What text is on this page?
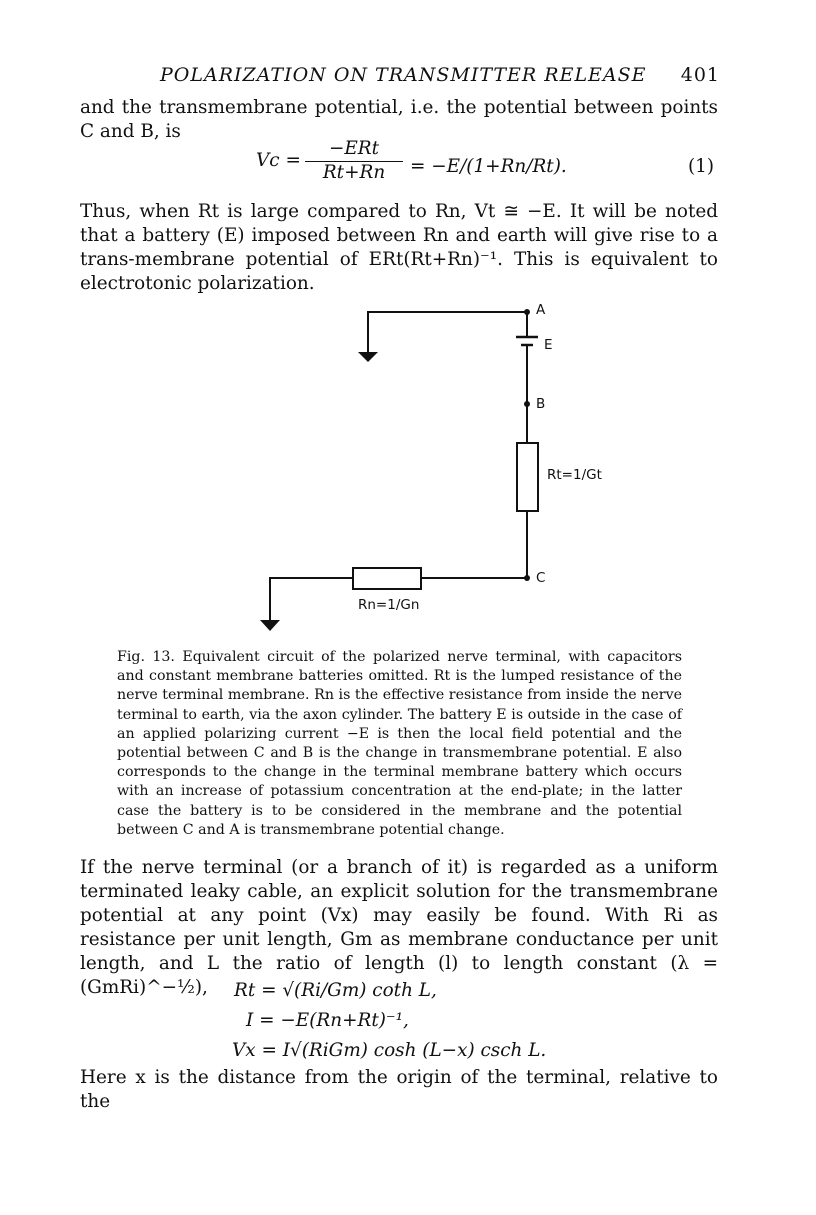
POLARIZATION ON TRANSMITTER RELEASE 401
and the transmembrane potential, i.e. the potential between points C and B, is
Vc =
−ERt
Rt+Rn	= −E/(1+Rn/Rt).	(1)
Thus, when Rt is large compared to Rn, Vt ≅ −E. It will be noted that a battery (E) imposed between Rn and earth will give rise to a trans-membrane potential of ERt(Rt+Rn)⁻¹. This is equivalent to electrotonic polarization.
A
E
B
Rt=1/Gt
C
Rn=1/Gn
Fig. 13. Equivalent circuit of the polarized nerve terminal, with capacitors and constant membrane batteries omitted. Rt is the lumped resistance of the nerve terminal membrane. Rn is the effective resistance from inside the nerve terminal to earth, via the axon cylinder. The battery E is outside in the case of an applied polarizing current −E is then the local field potential and the potential between C and B is the change in transmembrane potential. E also corresponds to the change in the terminal membrane battery which occurs with an increase of potassium concentration at the end-plate; in the latter case the battery is to be considered in the membrane and the potential between C and A is transmembrane potential change.
If the nerve terminal (or a branch of it) is regarded as a uniform terminated leaky cable, an explicit solution for the transmembrane potential at any point (Vx) may easily be found. With Ri as resistance per unit length, Gm as membrane conductance per unit length, and L the ratio of length (l) to length constant (λ = (GmRi)^−½),	Rt = √(Ri/Gm) coth L,
I = −E(Rn+Rt)⁻¹,
Vx = I√(RiGm) cosh (L−x) csch L.
Here x is the distance from the origin of the terminal, relative to the
